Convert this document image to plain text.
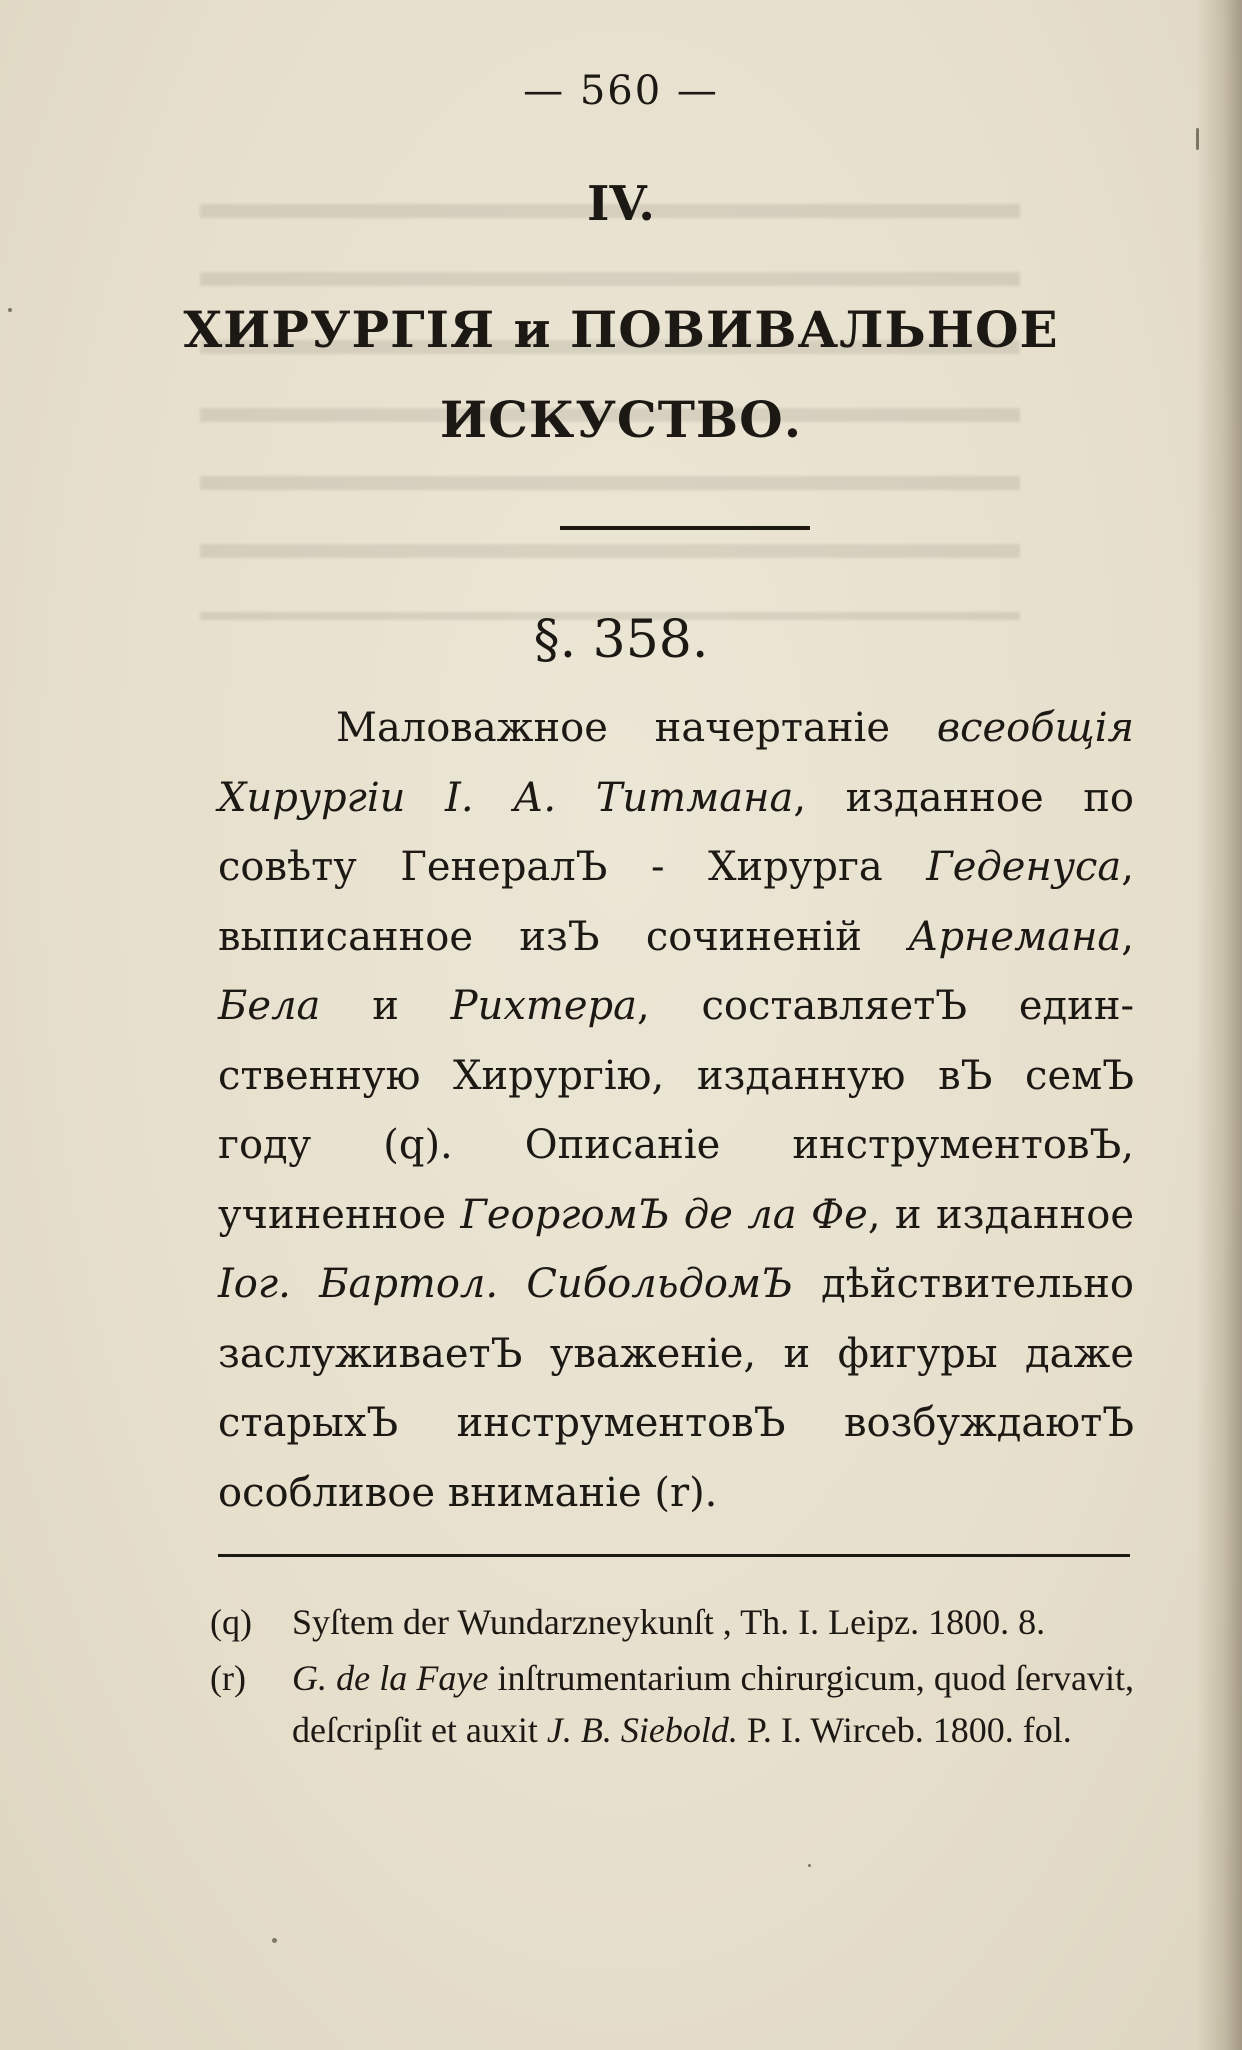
— 560 —
IV.
ХИРУРГІЯ и ПОВИВАЛЬНОЕ
ИСКУСТВО.
§. 358.
Маловажное начертаніе всеобщія Хирургіи І. А. Титмана, изданное по совѣту ГенералЪ - Хирурга Геденуса, выписанное изЪ сочиненій Арнемана, Бела и Рихтера, составляетЪ единственную Хирургію, изданную вЪ семЪ году (q). Описаніе инструментовЪ, учиненное ГеоргомЪ де ла Фе, и изданное Іог. Бартол. СибольдомЪ дѣйствительно заслуживаетЪ уваженіе, и фигуры даже старыхЪ инструментовЪ возбуждаютЪ особливое вниманіе (r).
(q) Syſtem der Wundarzneykunſt , Th. I. Leipz. 1800. 8.
(r) G. de la Faye inſtrumentarium chirurgicum, quod ſervavit, deſcripſit et auxit J. B. Siebold. P. I. Wirceb. 1800. fol.
